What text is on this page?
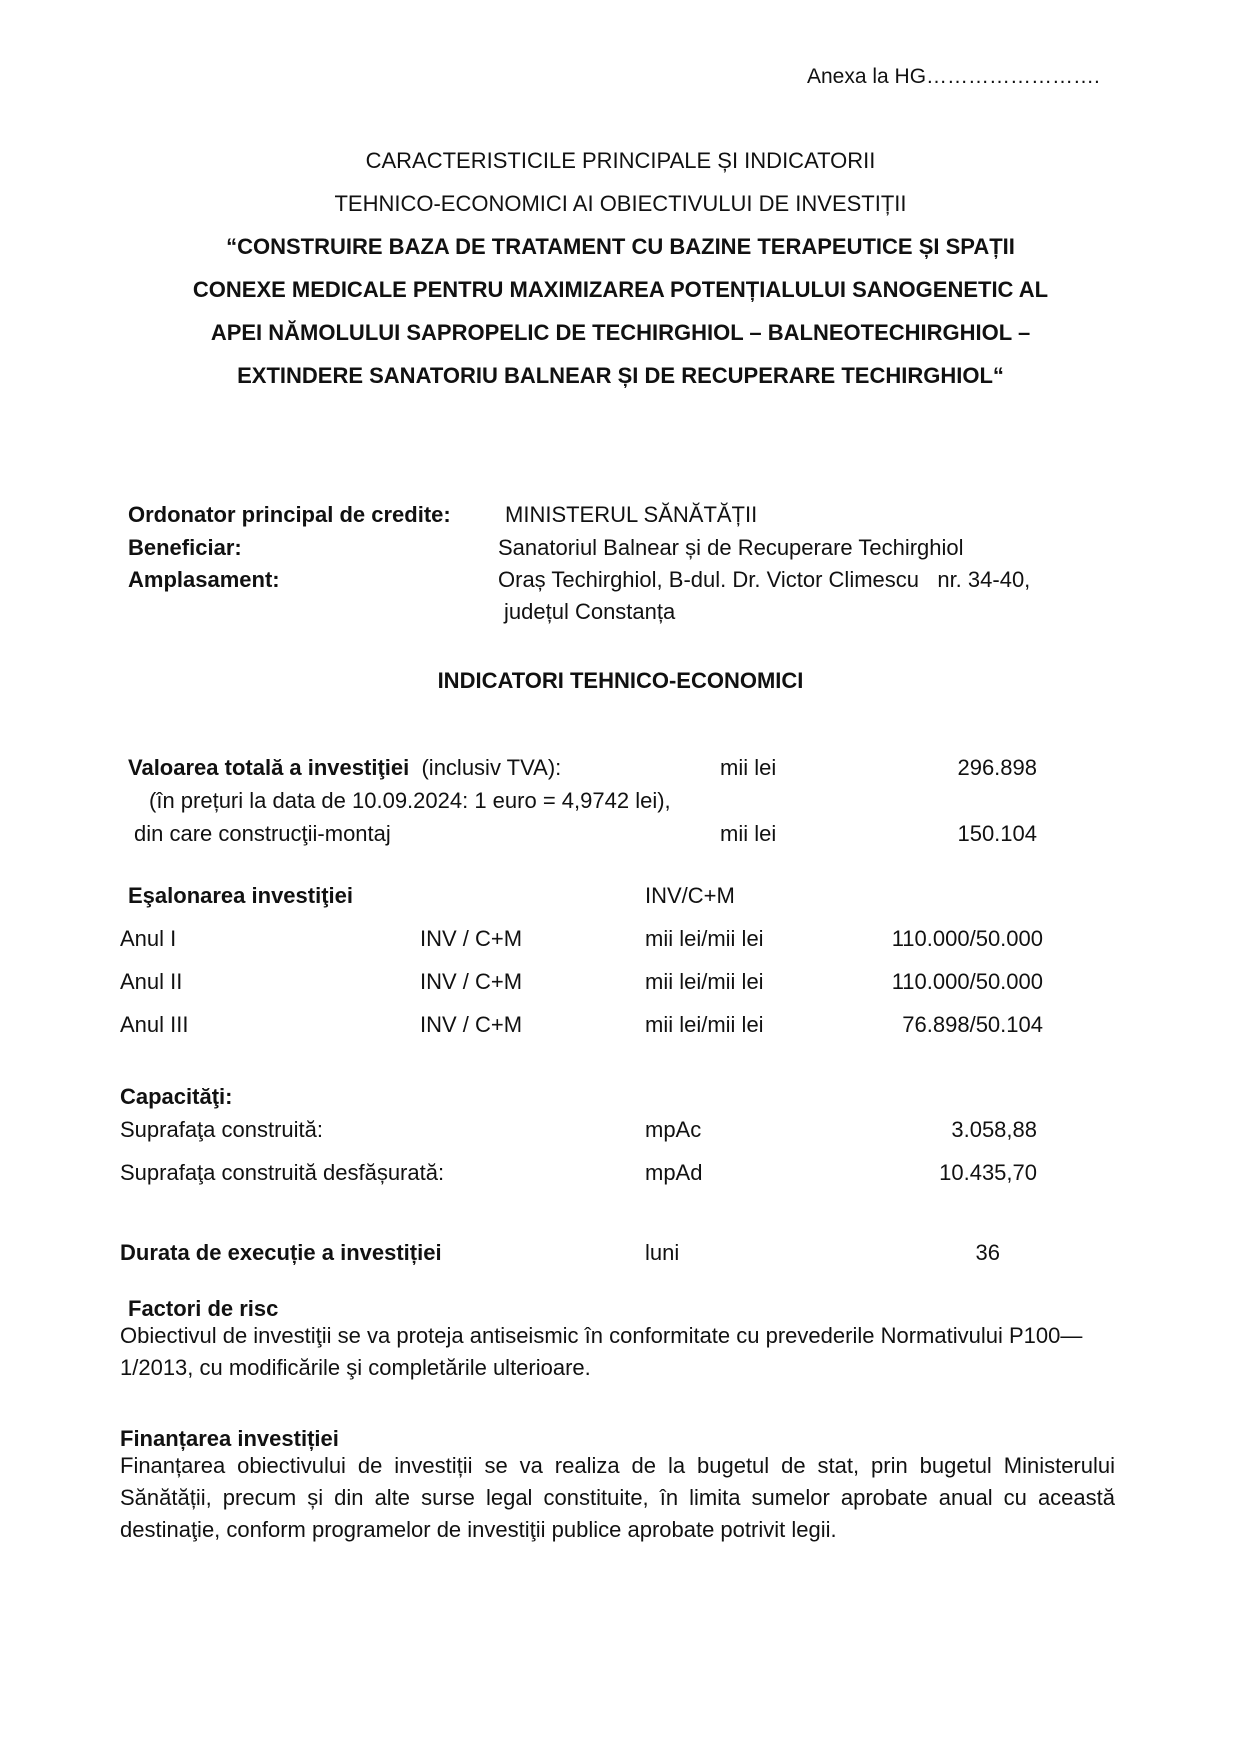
Anexa la HG…………………….
CARACTERISTICILE PRINCIPALE ȘI INDICATORII
TEHNICO-ECONOMICI AI OBIECTIVULUI DE INVESTIȚII
“CONSTRUIRE BAZA DE TRATAMENT CU BAZINE TERAPEUTICE ȘI SPAȚII
CONEXE MEDICALE PENTRU MAXIMIZAREA POTENȚIALULUI SANOGENETIC AL
APEI NĂMOLULUI SAPROPELIC DE TECHIRGHIOL – BALNEOTECHIRGHIOL –
EXTINDERE SANATORIU BALNEAR ȘI DE RECUPERARE TECHIRGHIOL“
Ordonator principal de credite: MINISTERUL SĂNĂTĂȚII
Beneficiar:	Sanatoriul Balnear și de Recuperare Techirghiol
Amplasament:	Oraș Techirghiol, B-dul. Dr. Victor Climescu   nr. 34-40,
județul Constanța
INDICATORI TEHNICO-ECONOMICI
Valoarea totală a investiţiei (inclusiv TVA):	mii lei	296.898
(în prețuri la data de 10.09.2024: 1 euro = 4,9742 lei),
din care construcţii-montaj	mii lei	150.104
Eşalonarea investiţiei	INV/C+M
Anul I	INV / C+M	mii lei/mii lei	110.000/50.000
Anul II	INV / C+M	mii lei/mii lei	110.000/50.000
Anul III	INV / C+M	mii lei/mii lei	76.898/50.104
Capacităţi:
Suprafaţa construită:	mpAc	3.058,88
Suprafaţa construită desfășurată:	mpAd	10.435,70
Durata de execuție a investiției	luni	36
Factori de risc
Obiectivul de investiţii se va proteja antiseismic în conformitate cu prevederile Normativului P100—1/2013, cu modificările şi completările ulterioare.
Finanțarea investiției
Finanțarea obiectivului de investiții se va realiza de la bugetul de stat, prin bugetul Ministerului Sănătății, precum și din alte surse legal constituite, în limita sumelor aprobate anual cu această destinaţie, conform programelor de investiţii publice aprobate potrivit legii.
